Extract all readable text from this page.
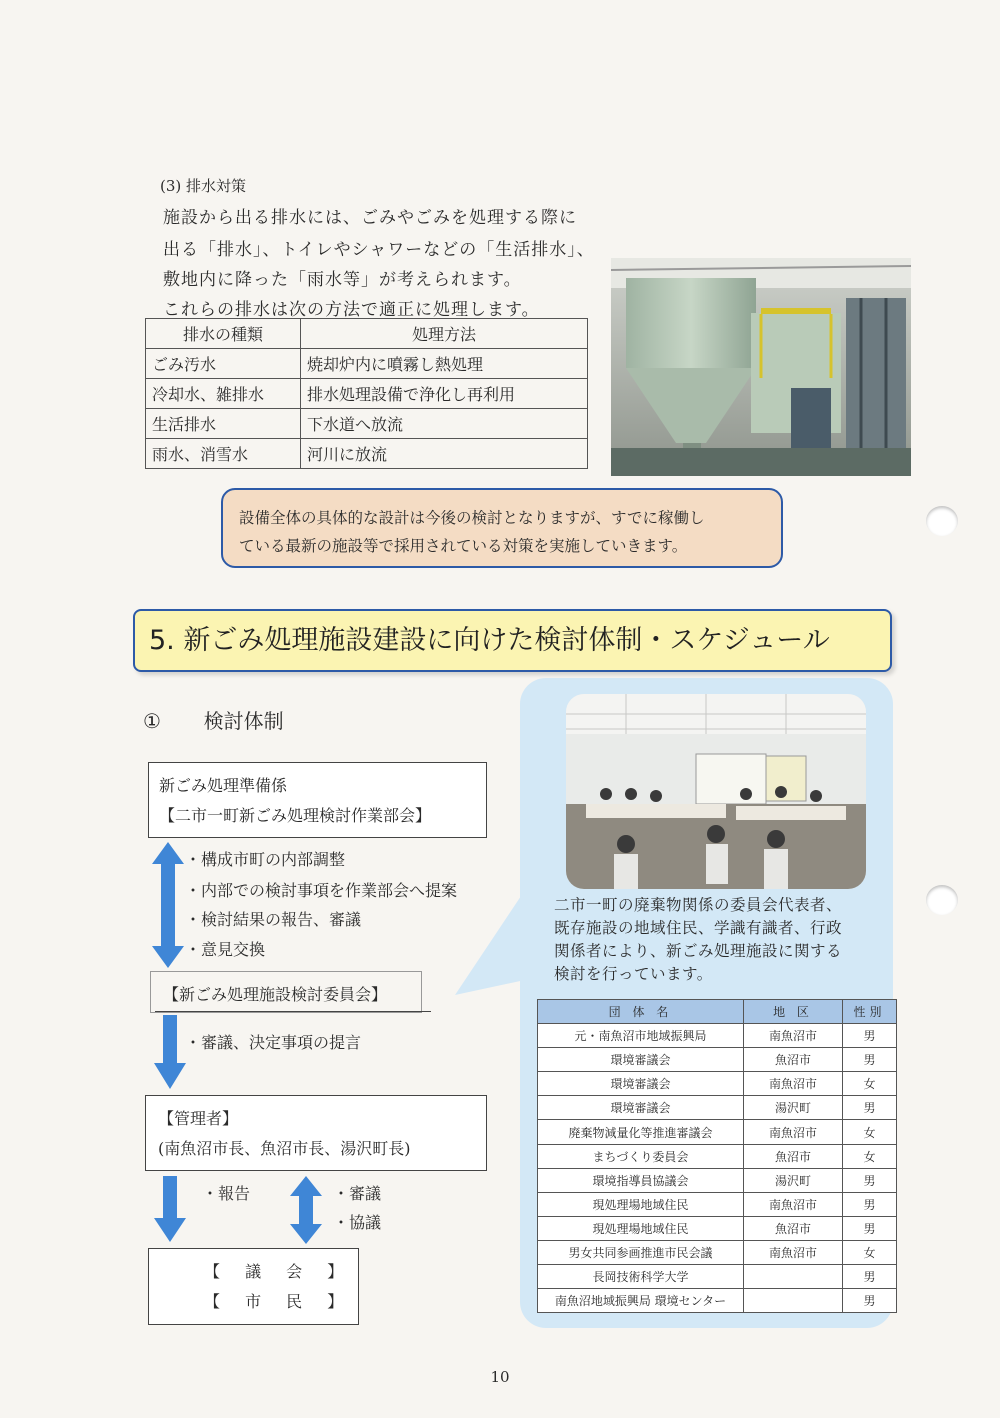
(3) 排水対策
施設から出る排水には、ごみやごみを処理する際に
出る「排水」、トイレやシャワーなどの「生活排水」、
敷地内に降った「雨水等」が考えられます。
これらの排水は次の方法で適正に処理します。
排水の種類	処理方法
ごみ汚水	焼却炉内に噴霧し熱処理
冷却水、雑排水	排水処理設備で浄化し再利用
生活排水	下水道へ放流
雨水、消雪水	河川に放流
設備全体の具体的な設計は今後の検討となりますが、すでに稼働し
ている最新の施設等で採用されている対策を実施していきます。
5. 新ごみ処理施設建設に向けた検討体制・スケジュール
① 検討体制
二市一町の廃棄物関係の委員会代表者、
既存施設の地域住民、学識有識者、行政
関係者により、新ごみ処理施設に関する
検討を行っています。
団 体 名	地 区	性別
元・南魚沼市地域振興局	南魚沼市	男
環境審議会	魚沼市	男
環境審議会	南魚沼市	女
環境審議会	湯沢町	男
廃棄物減量化等推進審議会	南魚沼市	女
まちづくり委員会	魚沼市	女
環境指導員協議会	湯沢町	男
現処理場地域住民	南魚沼市	男
現処理場地域住民	魚沼市	男
男女共同参画推進市民会議	南魚沼市	女
長岡技術科学大学		男
南魚沼地域振興局 環境センター		男
新ごみ処理準備係
【二市一町新ごみ処理検討作業部会】
・構成市町の内部調整
・内部での検討事項を作業部会へ提案
・検討結果の報告、審議
・意見交換
【新ごみ処理施設検討委員会】
・審議、決定事項の提言
【管理者】
(南魚沼市長、魚沼市長、湯沢町長)
・報告	・審議
・協議
【 議 会 】
【 市 民 】
10
